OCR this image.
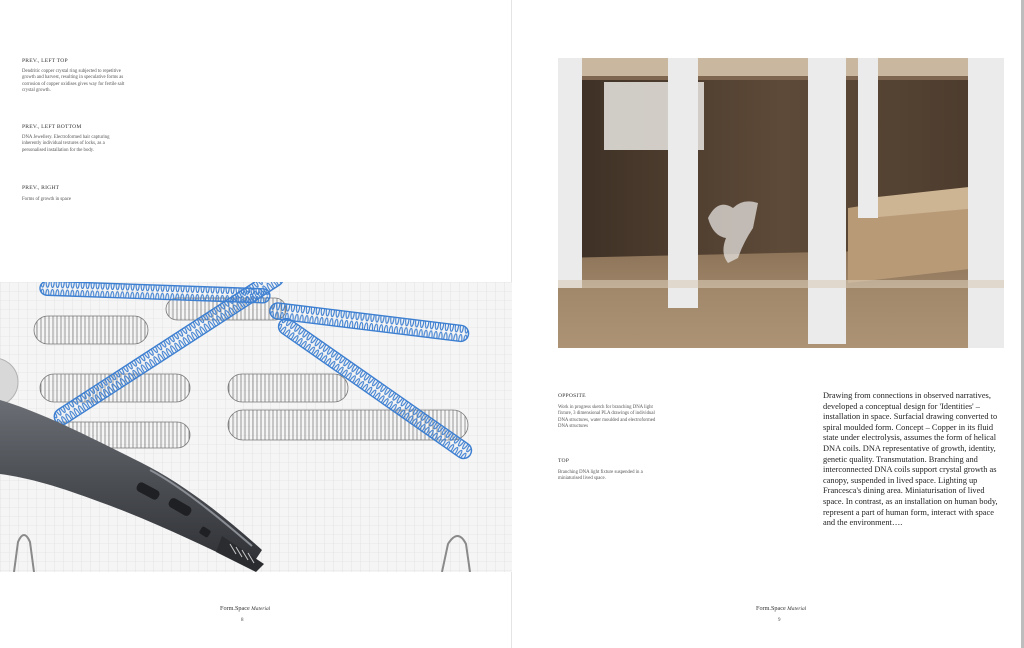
PREV., LEFT TOP
Dendritic copper crystal ring subjected to repetitive growth and harvest, resulting in speculative forms as corrosion of copper oxidises gives way for fertile salt crystal growth.
PREV., LEFT BOTTOM
DNA Jewellery. Electroformed hair capturing inherently individual textures of locks, as a personalised installation for the body.
PREV., RIGHT
Forms of growth in space
Form.Space Material
8
OPPOSITE
Work in progress sketch for branching DNA light fixture, 3 dimensional PLA drawings of individual DNA structures, water moulded and electroformed DNA structures
TOP
Branching DNA light fixture suspended in a miniaturised lived space.
Drawing from connections in observed narratives, developed a conceptual design for 'Identities' – installation in space. Surfacial drawing converted to spiral moulded form. Concept – Copper in its fluid state under electrolysis, assumes the form of helical DNA coils. DNA representative of growth, identity, genetic quality. Transmutation. Branching and interconnected DNA coils support crystal growth as canopy, suspended in lived space. Lighting up Francesca's dining area. Miniaturisation of lived space. In contrast, as an installation on human body, represent a part of human form, interact with space and the environment….
Form.Space Material
9
